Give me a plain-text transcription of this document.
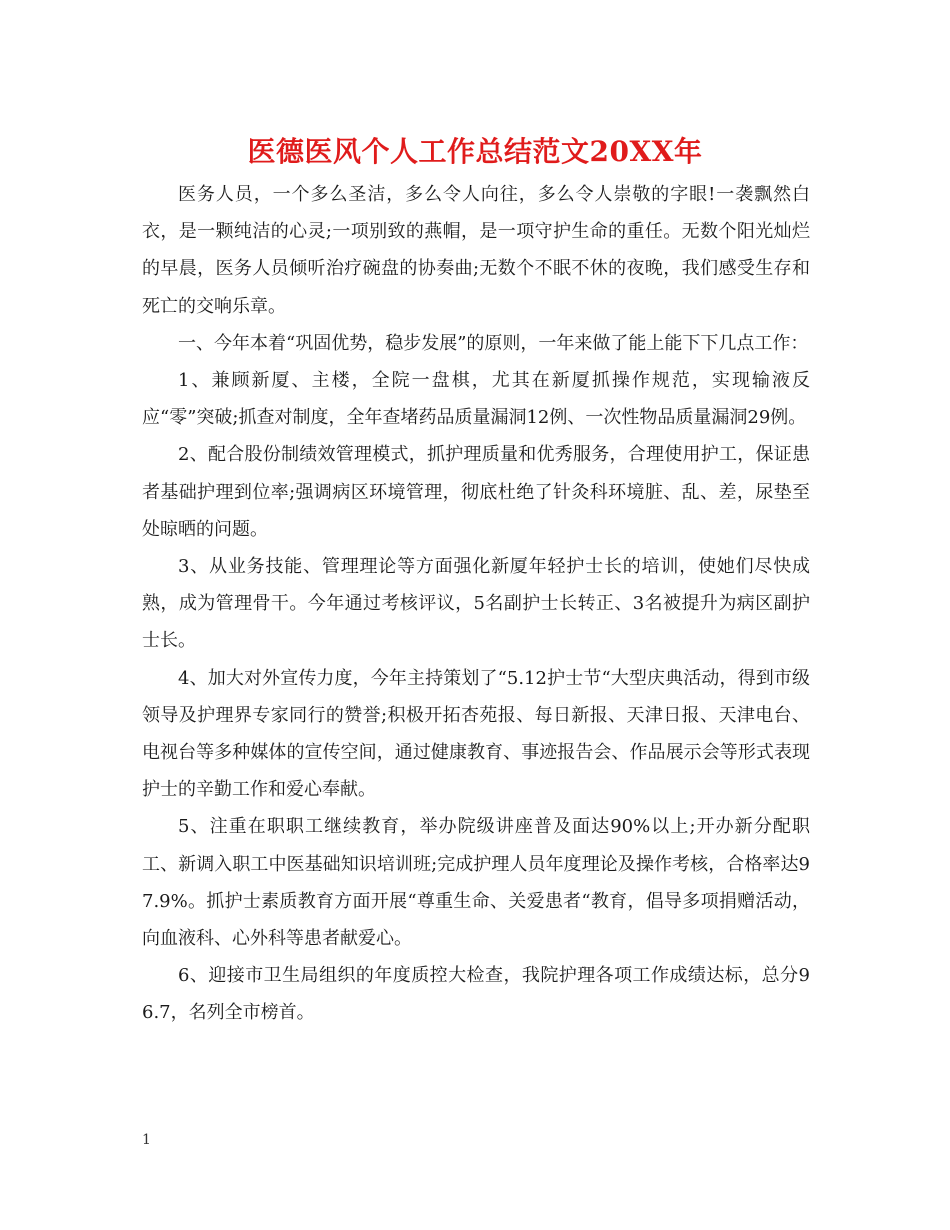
医德医风个人工作总结范文20XX年

医务人员，一个多么圣洁，多么令人向往，多么令人崇敬的字眼!一袭飘然白衣，是一颗纯洁的心灵;一项别致的燕帽，是一项守护生命的重任。无数个阳光灿烂的早晨，医务人员倾听治疗碗盘的协奏曲;无数个不眠不休的夜晚，我们感受生存和死亡的交响乐章。

一、今年本着“巩固优势，稳步发展”的原则，一年来做了能上能下下几点工作：

1、兼顾新厦、主楼，全院一盘棋，尤其在新厦抓操作规范，实现输液反应“零”突破;抓查对制度，全年查堵药品质量漏洞12例、一次性物品质量漏洞29例。

2、配合股份制绩效管理模式，抓护理质量和优秀服务，合理使用护工，保证患者基础护理到位率;强调病区环境管理，彻底杜绝了针灸科环境脏、乱、差，尿垫至处晾晒的问题。

3、从业务技能、管理理论等方面强化新厦年轻护士长的培训，使她们尽快成熟，成为管理骨干。今年通过考核评议，5名副护士长转正、3名被提升为病区副护士长。

4、加大对外宣传力度，今年主持策划了“5.12护士节“大型庆典活动，得到市级领导及护理界专家同行的赞誉;积极开拓杏苑报、每日新报、天津日报、天津电台、电视台等多种媒体的宣传空间，通过健康教育、事迹报告会、作品展示会等形式表现护士的辛勤工作和爱心奉献。

5、注重在职职工继续教育，举办院级讲座普及面达90%以上;开办新分配职工、新调入职工中医基础知识培训班;完成护理人员年度理论及操作考核，合格率达97.9%。抓护士素质教育方面开展“尊重生命、关爱患者“教育，倡导多项捐赠活动，向血液科、心外科等患者献爱心。

6、迎接市卫生局组织的年度质控大检查，我院护理各项工作成绩达标，总分96.7，名列全市榜首。

1
